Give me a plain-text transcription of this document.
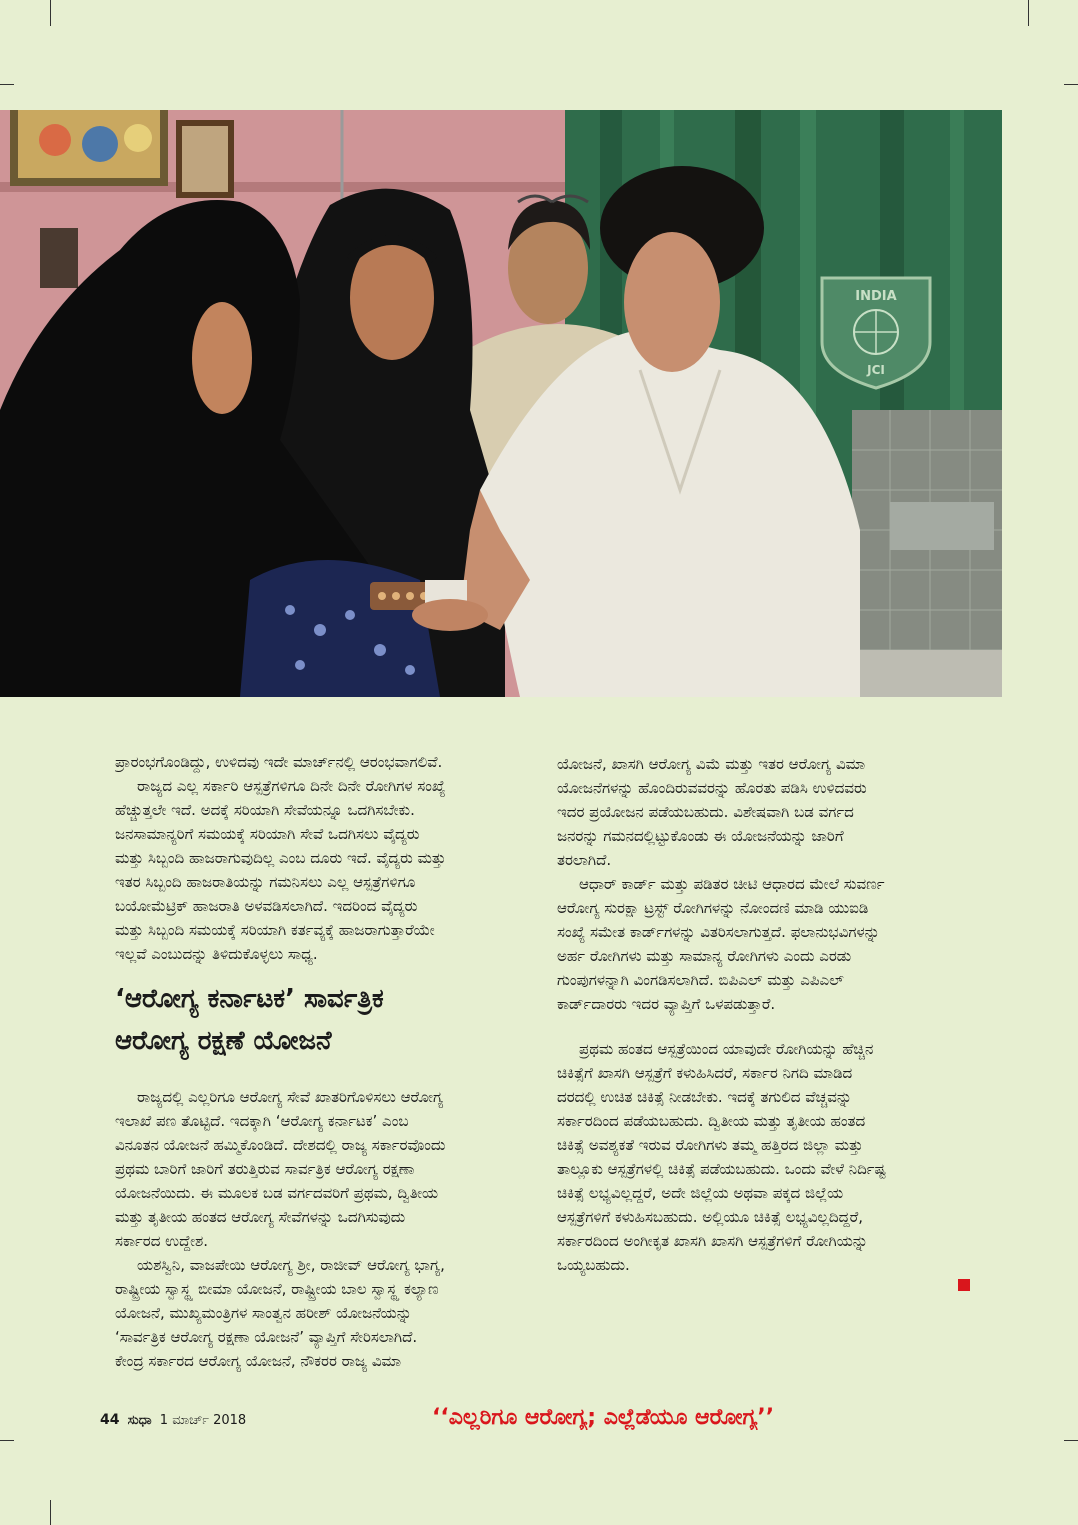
INDIA
JCI
ಪ್ರಾರಂಭಗೊಂಡಿದ್ದು, ಉಳಿದವು ಇದೇ ಮಾರ್ಚ್‌ನಲ್ಲಿ ಆರಂಭವಾಗಲಿವೆ.
ರಾಜ್ಯದ ಎಲ್ಲ ಸರ್ಕಾರಿ ಆಸ್ಪತ್ರೆಗಳಿಗೂ ದಿನೇ ದಿನೇ ರೋಗಿಗಳ ಸಂಖ್ಯೆ
ಹೆಚ್ಚುತ್ತಲೇ ಇದೆ. ಅದಕ್ಕೆ ಸರಿಯಾಗಿ ಸೇವೆಯನ್ನೂ ಒದಗಿಸಬೇಕು.
ಜನಸಾಮಾನ್ಯರಿಗೆ ಸಮಯಕ್ಕೆ ಸರಿಯಾಗಿ ಸೇವೆ ಒದಗಿಸಲು ವೈದ್ಯರು
ಮತ್ತು ಸಿಬ್ಬಂದಿ ಹಾಜರಾಗುವುದಿಲ್ಲ ಎಂಬ ದೂರು ಇದೆ. ವೈದ್ಯರು ಮತ್ತು
ಇತರ ಸಿಬ್ಬಂದಿ ಹಾಜರಾತಿಯನ್ನು ಗಮನಿಸಲು ಎಲ್ಲ ಆಸ್ಪತ್ರೆಗಳಿಗೂ
ಬಯೋಮೆಟ್ರಿಕ್ ಹಾಜರಾತಿ ಅಳವಡಿಸಲಾಗಿದೆ. ಇದರಿಂದ ವೈದ್ಯರು
ಮತ್ತು ಸಿಬ್ಬಂದಿ ಸಮಯಕ್ಕೆ ಸರಿಯಾಗಿ ಕರ್ತವ್ಯಕ್ಕೆ ಹಾಜರಾಗುತ್ತಾರೆಯೇ
ಇಲ್ಲವೆ ಎಂಬುದನ್ನು ತಿಳಿದುಕೊಳ್ಳಲು ಸಾಧ್ಯ.
‘ಆರೋಗ್ಯ ಕರ್ನಾಟಕ’ ಸಾರ್ವತ್ರಿಕ
ಆರೋಗ್ಯ ರಕ್ಷಣೆ ಯೋಜನೆ
ರಾಜ್ಯದಲ್ಲಿ ಎಲ್ಲರಿಗೂ ಆರೋಗ್ಯ ಸೇವೆ ಖಾತರಿಗೊಳಿಸಲು ಆರೋಗ್ಯ
ಇಲಾಖೆ ಪಣ ತೊಟ್ಟಿದೆ. ಇದಕ್ಕಾಗಿ ‘ಆರೋಗ್ಯ ಕರ್ನಾಟಕ’ ಎಂಬ
ವಿನೂತನ ಯೋಜನೆ ಹಮ್ಮಿಕೊಂಡಿದೆ. ದೇಶದಲ್ಲಿ ರಾಜ್ಯ ಸರ್ಕಾರವೊಂದು
ಪ್ರಥಮ ಬಾರಿಗೆ ಜಾರಿಗೆ ತರುತ್ತಿರುವ ಸಾರ್ವತ್ರಿಕ ಆರೋಗ್ಯ ರಕ್ಷಣಾ
ಯೋಜನೆಯಿದು. ಈ ಮೂಲಕ ಬಡ ವರ್ಗದವರಿಗೆ ಪ್ರಥಮ, ದ್ವಿತೀಯ
ಮತ್ತು ತೃತೀಯ ಹಂತದ ಆರೋಗ್ಯ ಸೇವೆಗಳನ್ನು ಒದಗಿಸುವುದು
ಸರ್ಕಾರದ ಉದ್ದೇಶ.
ಯಶಸ್ವಿನಿ, ವಾಜಪೇಯಿ ಆರೋಗ್ಯ ಶ್ರೀ, ರಾಜೀವ್ ಆರೋಗ್ಯ ಭಾಗ್ಯ,
ರಾಷ್ಟ್ರೀಯ ಸ್ವಾಸ್ಥ್ಯ ಬೀಮಾ ಯೋಜನೆ, ರಾಷ್ಟ್ರೀಯ ಬಾಲ ಸ್ವಾಸ್ಥ್ಯ ಕಲ್ಯಾಣ
ಯೋಜನೆ, ಮುಖ್ಯಮಂತ್ರಿಗಳ ಸಾಂತ್ವನ ಹರೀಶ್ ಯೋಜನೆಯನ್ನು
‘ಸಾರ್ವತ್ರಿಕ ಆರೋಗ್ಯ ರಕ್ಷಣಾ ಯೋಜನೆ’ ವ್ಯಾಪ್ತಿಗೆ ಸೇರಿಸಲಾಗಿದೆ.
ಕೇಂದ್ರ ಸರ್ಕಾರದ ಆರೋಗ್ಯ ಯೋಜನೆ, ನೌಕರರ ರಾಜ್ಯ ವಿಮಾ
ಯೋಜನೆ, ಖಾಸಗಿ ಆರೋಗ್ಯ ವಿಮೆ ಮತ್ತು ಇತರ ಆರೋಗ್ಯ ವಿಮಾ
ಯೋಜನೆಗಳನ್ನು ಹೊಂದಿರುವವರನ್ನು ಹೊರತು ಪಡಿಸಿ ಉಳಿದವರು
ಇದರ ಪ್ರಯೋಜನ ಪಡೆಯಬಹುದು. ವಿಶೇಷವಾಗಿ ಬಡ ವರ್ಗದ
ಜನರನ್ನು ಗಮನದಲ್ಲಿಟ್ಟುಕೊಂಡು ಈ ಯೋಜನೆಯನ್ನು ಜಾರಿಗೆ
ತರಲಾಗಿದೆ.
ಆಧಾರ್ ಕಾರ್ಡ್ ಮತ್ತು ಪಡಿತರ ಚೀಟಿ ಆಧಾರದ ಮೇಲೆ ಸುವರ್ಣ
ಆರೋಗ್ಯ ಸುರಕ್ಷಾ ಟ್ರಸ್ಟ್ ರೋಗಿಗಳನ್ನು ನೋಂದಣಿ ಮಾಡಿ ಯುಐಡಿ
ಸಂಖ್ಯೆ ಸಮೇತ ಕಾರ್ಡ್‌ಗಳನ್ನು ವಿತರಿಸಲಾಗುತ್ತದೆ. ಫಲಾನುಭವಿಗಳನ್ನು
ಅರ್ಹ ರೋಗಿಗಳು ಮತ್ತು ಸಾಮಾನ್ಯ ರೋಗಿಗಳು ಎಂದು ಎರಡು
ಗುಂಪುಗಳನ್ನಾಗಿ ವಿಂಗಡಿಸಲಾಗಿದೆ. ಬಿಪಿಎಲ್ ಮತ್ತು ಎಪಿಎಲ್
ಕಾರ್ಡ್‌ದಾರರು ಇದರ ವ್ಯಾಪ್ತಿಗೆ ಒಳಪಡುತ್ತಾರೆ.
ಪ್ರಥಮ ಹಂತದ ಆಸ್ಪತ್ರೆಯಿಂದ ಯಾವುದೇ ರೋಗಿಯನ್ನು ಹೆಚ್ಚಿನ
ಚಿಕಿತ್ಸೆಗೆ ಖಾಸಗಿ ಆಸ್ಪತ್ರೆಗೆ ಕಳುಹಿಸಿದರೆ, ಸರ್ಕಾರ ನಿಗದಿ ಮಾಡಿದ
ದರದಲ್ಲಿ ಉಚಿತ ಚಿಕಿತ್ಸೆ ನೀಡಬೇಕು. ಇದಕ್ಕೆ ತಗುಲಿದ ವೆಚ್ಚವನ್ನು
ಸರ್ಕಾರದಿಂದ ಪಡೆಯಬಹುದು. ದ್ವಿತೀಯ ಮತ್ತು ತೃತೀಯ ಹಂತದ
ಚಿಕಿತ್ಸೆ ಅವಶ್ಯಕತೆ ಇರುವ ರೋಗಿಗಳು ತಮ್ಮ ಹತ್ತಿರದ ಜಿಲ್ಲಾ ಮತ್ತು
ತಾಲ್ಲೂಕು ಆಸ್ಪತ್ರೆಗಳಲ್ಲಿ ಚಿಕಿತ್ಸೆ ಪಡೆಯಬಹುದು. ಒಂದು ವೇಳೆ ನಿರ್ದಿಷ್ಟ
ಚಿಕಿತ್ಸೆ ಲಭ್ಯವಿಲ್ಲದ್ದರೆ, ಅದೇ ಜಿಲ್ಲೆಯ ಅಥವಾ ಪಕ್ಕದ ಜಿಲ್ಲೆಯ
ಆಸ್ಪತ್ರೆಗಳಿಗೆ ಕಳುಹಿಸಬಹುದು. ಅಲ್ಲಿಯೂ ಚಿಕಿತ್ಸೆ ಲಭ್ಯವಿಲ್ಲದಿದ್ದರೆ,
ಸರ್ಕಾರದಿಂದ ಅಂಗೀಕೃತ ಖಾಸಗಿ ಖಾಸಗಿ ಆಸ್ಪತ್ರೆಗಳಿಗೆ ರೋಗಿಯನ್ನು
ಒಯ್ಯಬಹುದು.
44 ಸುಧಾ 1 ಮಾರ್ಚ್ 2018	‘‘ಎಲ್ಲರಿಗೂ ಆರೋಗ್ಯ; ಎಲ್ಲೆಡೆಯೂ ಆರೋಗ್ಯ’’
